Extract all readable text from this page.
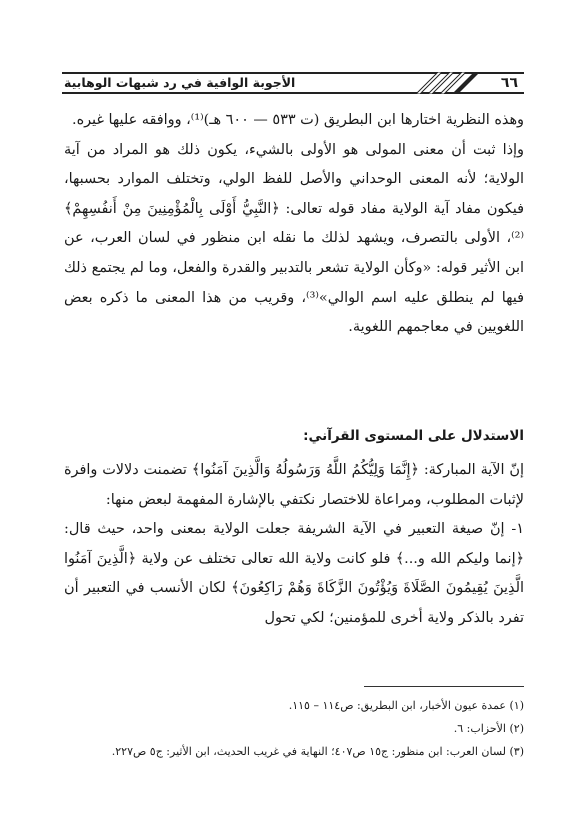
٦٦
الأجوبة الوافية في رد شبهات الوهابية

وهذه النظرية اختارها ابن البطريق (ت ٥٣٣ — ٦٠٠ هـ)⁽¹⁾، ووافقه عليها غيره.

وإذا ثبت أن معنى المولى هو الأولى بالشيء، يكون ذلك هو المراد من آية الولاية؛ لأنه المعنى الوحداني والأصل للفظ الولي، وتختلف الموارد بحسبها، فيكون مفاد آية الولاية مفاد قوله تعالى: ﴿النَّبِيُّ أَوْلَى بِالْمُؤْمِنِينَ مِنْ أَنفُسِهِمْ﴾⁽²⁾، الأولى بالتصرف، ويشهد لذلك ما نقله ابن منظور في لسان العرب، عن ابن الأثير قوله: «وكأن الولاية تشعر بالتدبير والقدرة والفعل، وما لم يجتمع ذلك فيها لم ينطلق عليه اسم الوالي»⁽³⁾، وقريب من هذا المعنى ما ذكره بعض اللغويين في معاجمهم اللغوية.

الاستدلال على المستوى القرآني:

إنّ الآية المباركة: ﴿إِنَّمَا وَلِيُّكُمُ اللَّهُ وَرَسُولُهُ وَالَّذِينَ آمَنُوا﴾ تضمنت دلالات وافرة لإثبات المطلوب، ومراعاة للاختصار نكتفي بالإشارة المفهمة لبعض منها:

١- إنّ صيغة التعبير في الآية الشريفة جعلت الولاية بمعنى واحد، حيث قال: ﴿إنما وليكم الله و...﴾ فلو كانت ولاية الله تعالى تختلف عن ولاية ﴿الَّذِينَ آمَنُوا الَّذِينَ يُقِيمُونَ الصَّلَاةَ وَيُؤْتُونَ الزَّكَاةَ وَهُمْ رَاكِعُونَ﴾ لكان الأنسب في التعبير أن تفرد بالذكر ولاية أخرى للمؤمنين؛ لكي تحول

(١) عمدة عيون الأخبار، ابن البطريق: ص١١٤ – ١١٥.
(٢) الأحزاب: ٦.
(٣) لسان العرب: ابن منظور: ج١٥ ص٤٠٧؛ النهاية في غريب الحديث، ابن الأثير: ج٥ ص٢٢٧.
